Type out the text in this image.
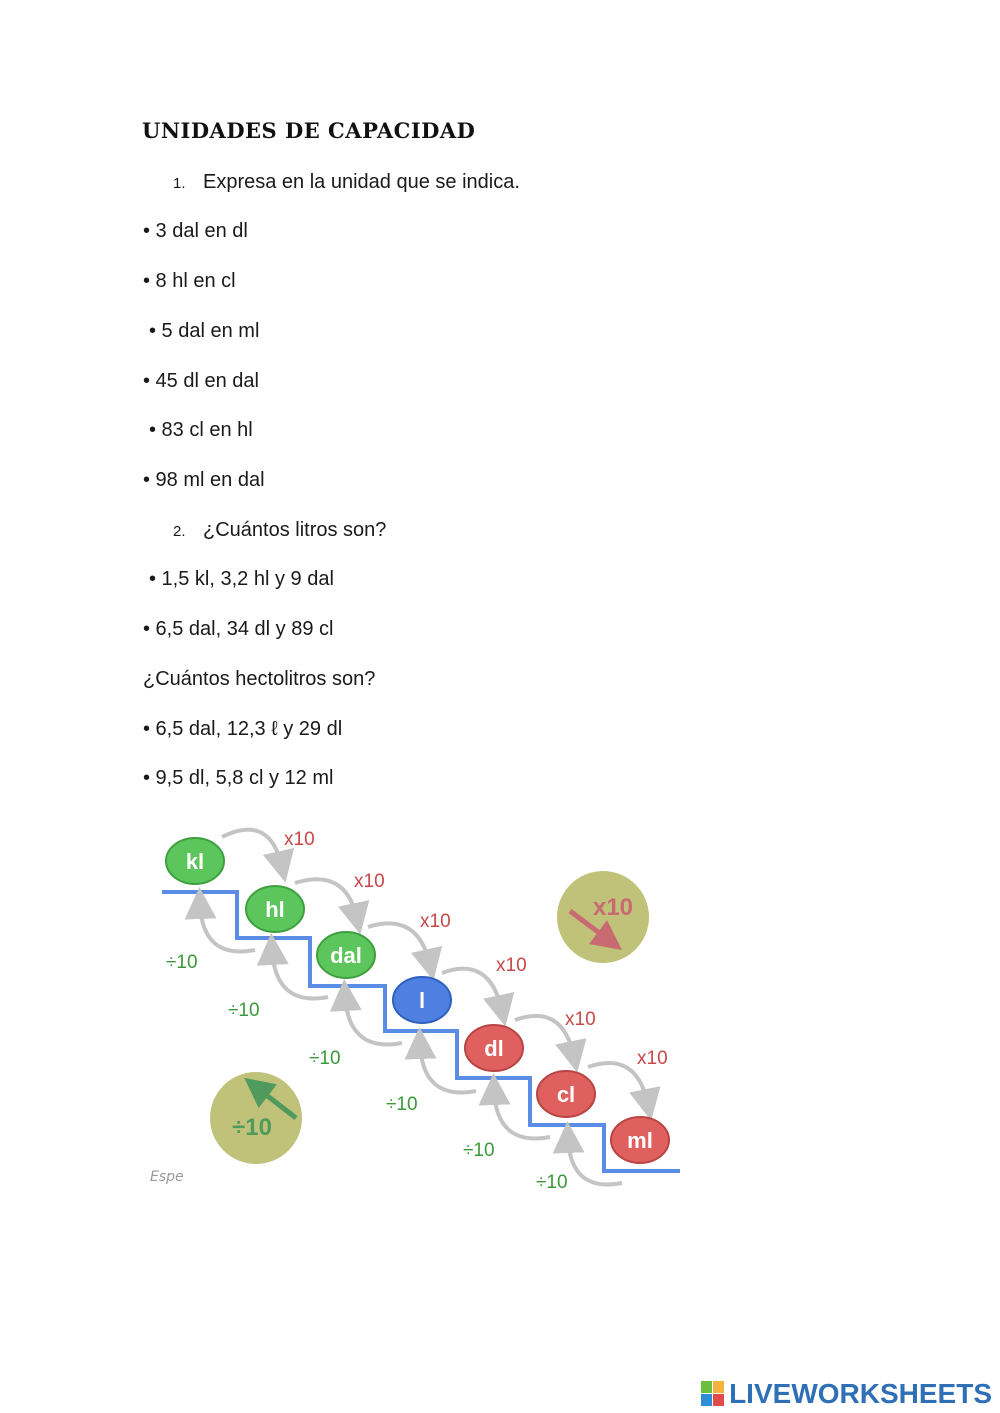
UNIDADES DE CAPACIDAD
1. Expresa en la unidad que se indica.
• 3 dal en dl
• 8 hl en cl
• 5 dal en ml
• 45 dl en dal
• 83 cl en hl
• 98 ml en dal
2. ¿Cuántos litros son?
• 1,5 kl, 3,2 hl y 9 dal
• 6,5 dal, 34 dl y 89 cl
¿Cuántos hectolitros son?
• 6,5 dal, 12,3 ℓ y 29 dl
• 9,5 dl, 5,8 cl y 12 ml
x10
x10
x10
x10
x10
x10
÷10
÷10
÷10
÷10
÷10
÷10
kl
hl
dal
l
dl
cl
ml
x10
÷10
Espe
LIVEWORKSHEETS
